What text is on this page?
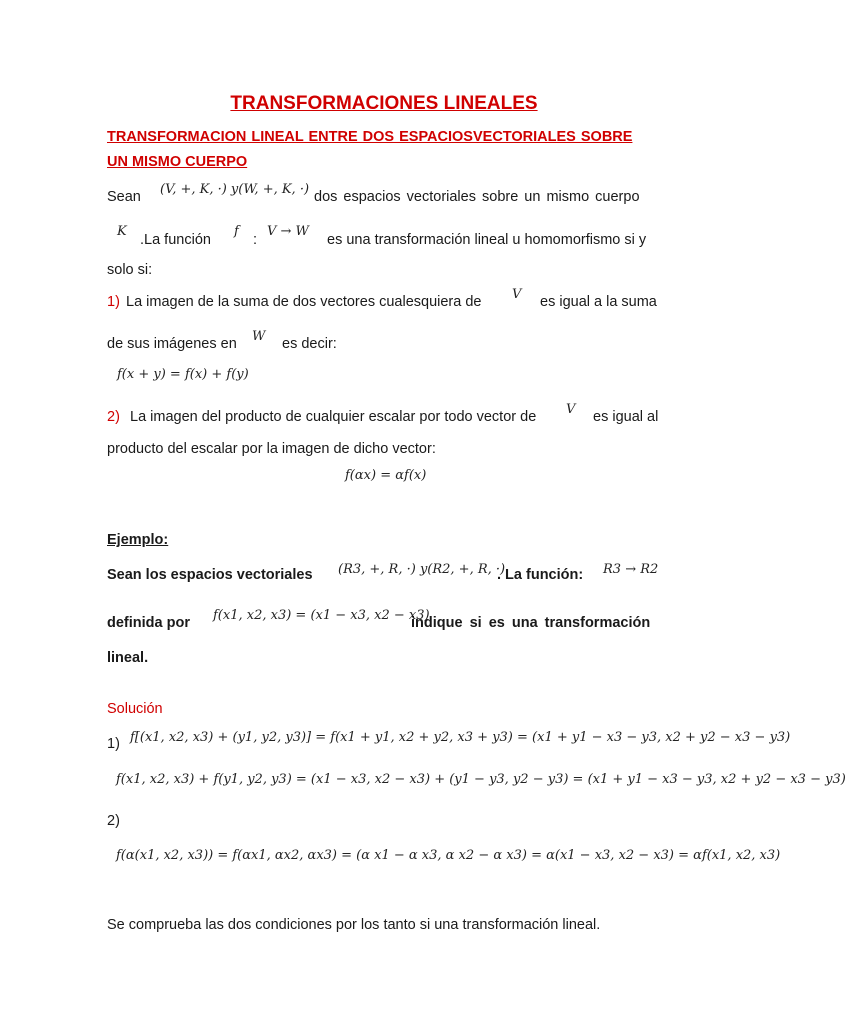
TRANSFORMACIONES LINEALES
TRANSFORMACION LINEAL ENTRE DOS ESPACIOSVECTORIALES SOBRE
UN MISMO CUERPO
Sean (V, +, K, ·) y(W, +, K, ·) dos espacios vectoriales sobre un mismo cuerpo
K
.La función
f
:
V → W
es una transformación lineal u homomorfismo si y
solo si:
1) La imagen de la suma de dos vectores cualesquiera de V es igual a la suma
de sus imágenes en W es decir:
f(x + y) = f(x) + f(y)
2) La imagen del producto de cualquier escalar por todo vector de V es igual al
producto del escalar por la imagen de dicho vector:
f(αx) = αf(x)
Ejemplo:
Sean los espacios vectoriales (R3, +, R, ·) y(R2, +, R, ·)
. La función: R3 → R2
definida por f(x1, x2, x3) = (x1 − x3, x2 − x3)
indique si es una transformación
lineal.
Solución
1) f[(x1, x2, x3) + (y1, y2, y3)] = f(x1 + y1, x2 + y2, x3 + y3) = (x1 + y1 − x3 − y3, x2 + y2 − x3 − y3)
f(x1, x2, x3) + f(y1, y2, y3) = (x1 − x3, x2 − x3) + (y1 − y3, y2 − y3) = (x1 + y1 − x3 − y3, x2 + y2 − x3 − y3)
2)
f(α(x1, x2, x3)) = f(αx1, αx2, αx3) = (α x1 − α x3, α x2 − α x3) = α(x1 − x3, x2 − x3) = αf(x1, x2, x3)
Se comprueba las dos condiciones por los tanto si una transformación lineal.
